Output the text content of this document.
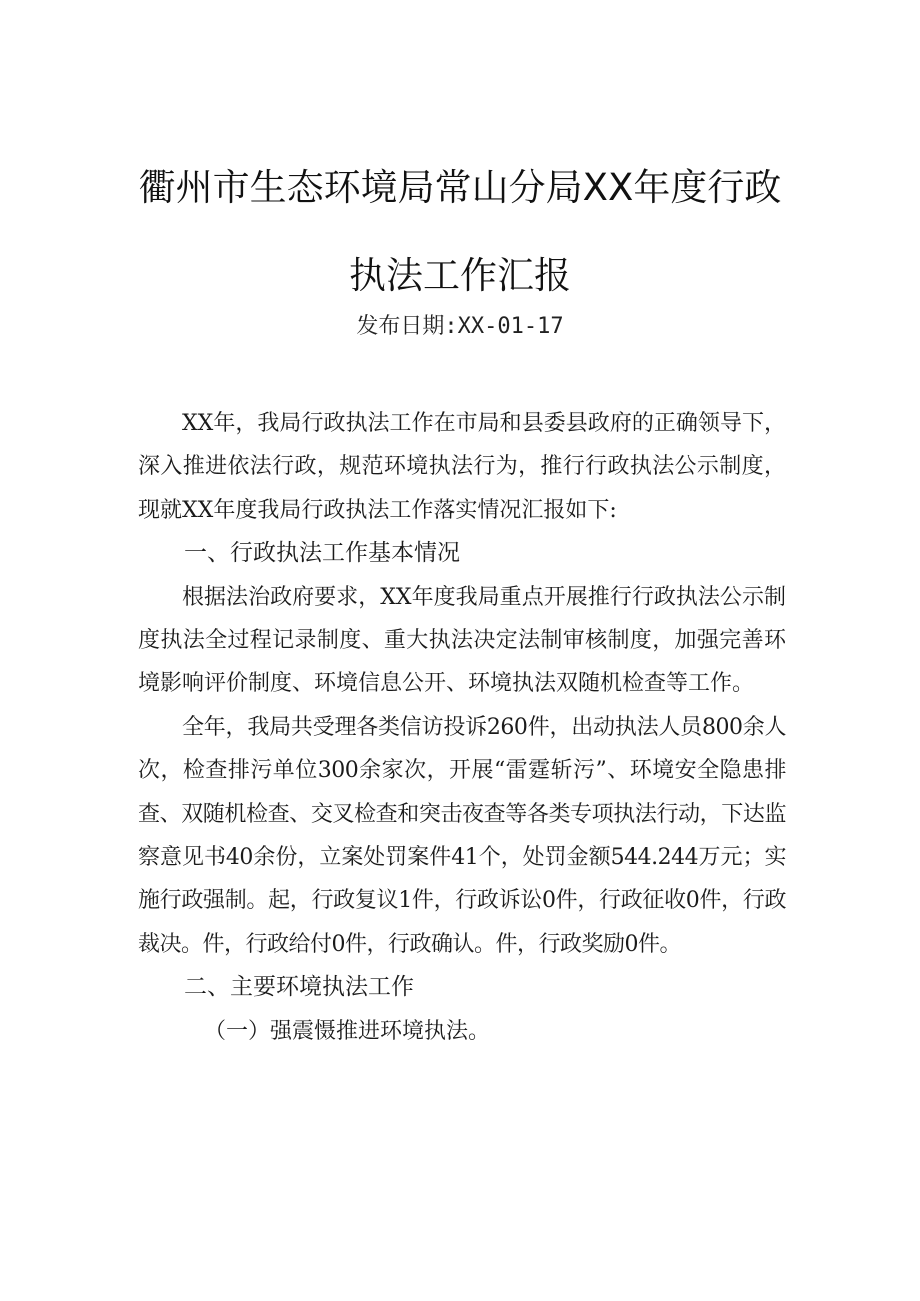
衢州市生态环境局常山分局XX年度行政
执法工作汇报
发布日期:XX-01-17

XX年，我局行政执法工作在市局和县委县政府的正确领导下，深入推进依法行政，规范环境执法行为，推行行政执法公示制度，现就XX年度我局行政执法工作落实情况汇报如下:

一、行政执法工作基本情况

根据法治政府要求，XX年度我局重点开展推行行政执法公示制度执法全过程记录制度、重大执法决定法制审核制度，加强完善环境影响评价制度、环境信息公开、环境执法双随机检查等工作。

全年，我局共受理各类信访投诉260件，出动执法人员800余人次，检查排污单位300余家次，开展“雷霆斩污”、环境安全隐患排查、双随机检查、交叉检查和突击夜查等各类专项执法行动，下达监察意见书40余份，立案处罚案件41个，处罚金额544.244万元；实施行政强制。起，行政复议1件，行政诉讼0件，行政征收0件，行政裁决。件，行政给付0件，行政确认。件，行政奖励0件。

二、主要环境执法工作

（一）强震慑推进环境执法。
